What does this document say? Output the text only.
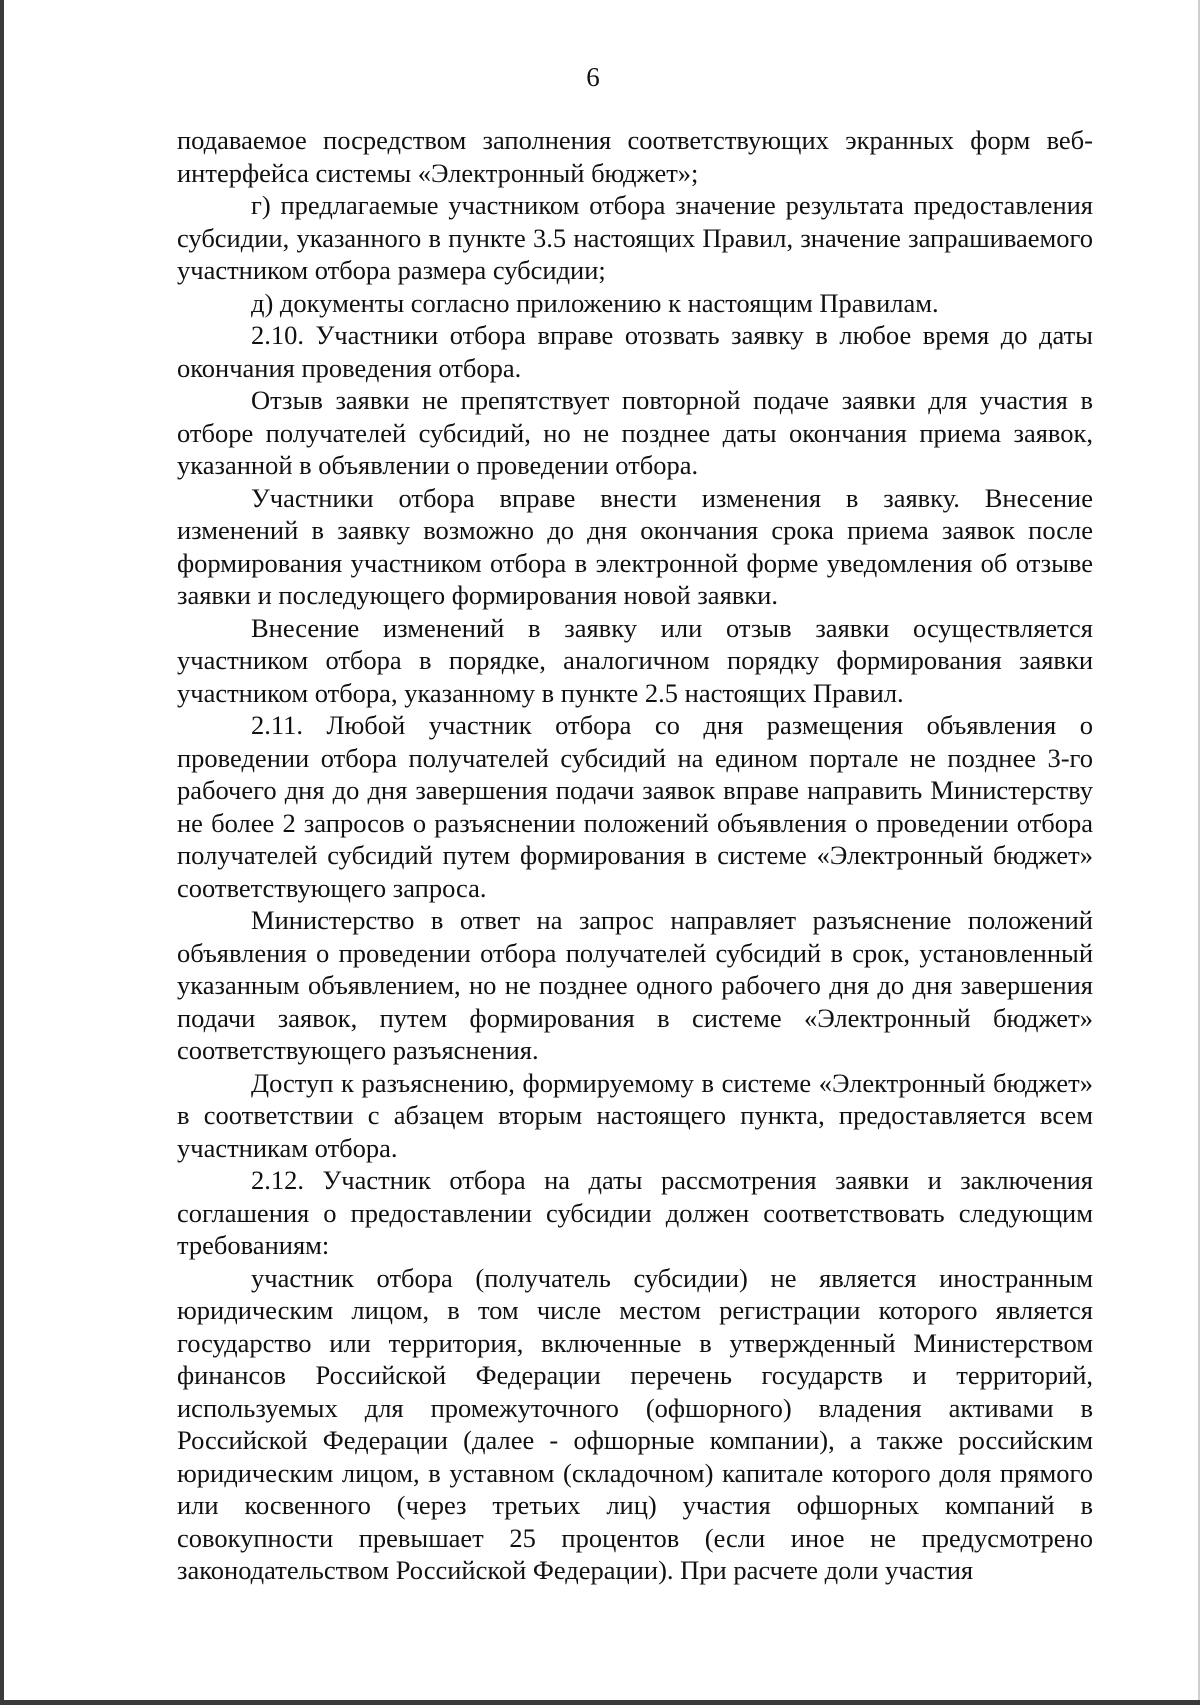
6

подаваемое посредством заполнения соответствующих экранных форм веб-интерфейса системы «Электронный бюджет»;

г) предлагаемые участником отбора значение результата предоставления субсидии, указанного в пункте 3.5 настоящих Правил, значение запрашиваемого участником отбора размера субсидии;

д) документы согласно приложению к настоящим Правилам.

2.10. Участники отбора вправе отозвать заявку в любое время до даты окончания проведения отбора.

Отзыв заявки не препятствует повторной подаче заявки для участия в отборе получателей субсидий, но не позднее даты окончания приема заявок, указанной в объявлении о проведении отбора.

Участники отбора вправе внести изменения в заявку. Внесение изменений в заявку возможно до дня окончания срока приема заявок после формирования участником отбора в электронной форме уведомления об отзыве заявки и последующего формирования новой заявки.

Внесение изменений в заявку или отзыв заявки осуществляется участником отбора в порядке, аналогичном порядку формирования заявки участником отбора, указанному в пункте 2.5 настоящих Правил.

2.11. Любой участник отбора со дня размещения объявления о проведении отбора получателей субсидий на едином портале не позднее 3-го рабочего дня до дня завершения подачи заявок вправе направить Министерству не более 2 запросов о разъяснении положений объявления о проведении отбора получателей субсидий путем формирования в системе «Электронный бюджет» соответствующего запроса.

Министерство в ответ на запрос направляет разъяснение положений объявления о проведении отбора получателей субсидий в срок, установленный указанным объявлением, но не позднее одного рабочего дня до дня завершения подачи заявок, путем формирования в системе «Электронный бюджет» соответствующего разъяснения.

Доступ к разъяснению, формируемому в системе «Электронный бюджет» в соответствии с абзацем вторым настоящего пункта, предоставляется всем участникам отбора.

2.12. Участник отбора на даты рассмотрения заявки и заключения соглашения о предоставлении субсидии должен соответствовать следующим требованиям:

участник отбора (получатель субсидии) не является иностранным юридическим лицом, в том числе местом регистрации которого является государство или территория, включенные в утвержденный Министерством финансов Российской Федерации перечень государств и территорий, используемых для промежуточного (офшорного) владения активами в Российской Федерации (далее - офшорные компании), а также российским юридическим лицом, в уставном (складочном) капитале которого доля прямого или косвенного (через третьих лиц) участия офшорных компаний в совокупности превышает 25 процентов (если иное не предусмотрено законодательством Российской Федерации). При расчете доли участия
